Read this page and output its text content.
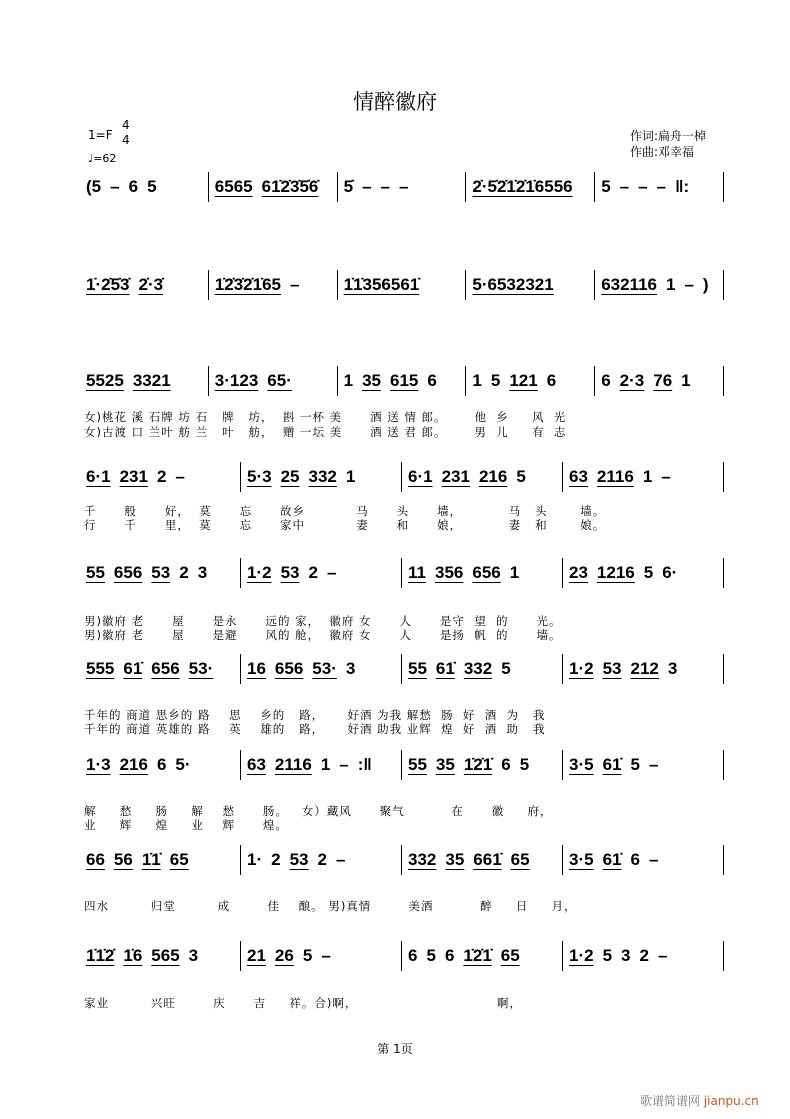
情醉徽府
1=F
4
4
♩=62
作词:扁舟一棹
作曲:邓幸福
(5 – 6 5	6565 61̇2̇3̇5̇6̇ 5̇ – – –	2̇·5̇2̇1̇2̇1̇6556 5 – – – ‖:
1̇·2̇5̇3̇ 2̇·3̇	1̇2̇3̇2̇1̇65 –	1̇1̇356561̇	5·6532321	632116 1 – )
5525 3321	3·123 65·	1 35 615 6 1 5 121 6	6 2·3 76 1
女)桃花 溪 石牌 坊 石   牌   坊，  斟 一杯 美      酒 送 情 郎。      他  乡     风  光
女)古渡 口 兰叶 舫 兰   叶   舫，  赠 一坛 美      酒 送 君 郎。      男  儿     有  志
6·1 231 2 –	5·3 25 332 1	6·1 231 216 5	63 2116 1 –
千      般      好，  莫      忘      故乡           马      头      墙，          马   头       墙。
行      千      里，  莫      忘      家中           妻      和      娘，          妻   和       娘。
55 656 53 2 3 1·2 53 2 –	11 356 656 1	23 1216 5 6·
男)徽府 老      屋      是永      远的 家，  徽府 女      人      是守  望  的      光。
男)徽府 老      屋      是避      风的 舱，  徽府 女      人      是扬  帆  的      墙。
555 61̇ 656 53· 16 656 53· 3	55 61̇ 332 5	1·2 53 212 3
千年的 商道 思乡的 路    思    乡的   路，     好酒 为我 解愁  肠  好  酒  为   我
千年的 商道 英雄的 路    英    雄的   路，     好酒 助我 业辉  煌  好  酒  助   我
1·3 216 6 5·	63 2116 1 – :‖ 55 35 1̇2̇1̇ 6 5 3·5 61̇ 5 –
解     愁     肠     解    愁      肠。   女）藏风      聚气          在      徽     府，
业     辉     煌     业    辉      煌。
66 56 1̇1̇ 65	1· 2 53 2 –	332 35 661̇ 65 3·5 61̇ 6 –
四水         归堂         成        佳    酿。 男)真情        美酒          醉     日     月，
1̇1̇2̇ 1̇6 565 3	21 26 5 –	6 5 6 1̇2̇1̇ 65	1·2 5 3 2 –
家业         兴旺        庆      吉     祥。合)啊，                              啊，
第 1页
歌谱简谱网 jianpu.cn
